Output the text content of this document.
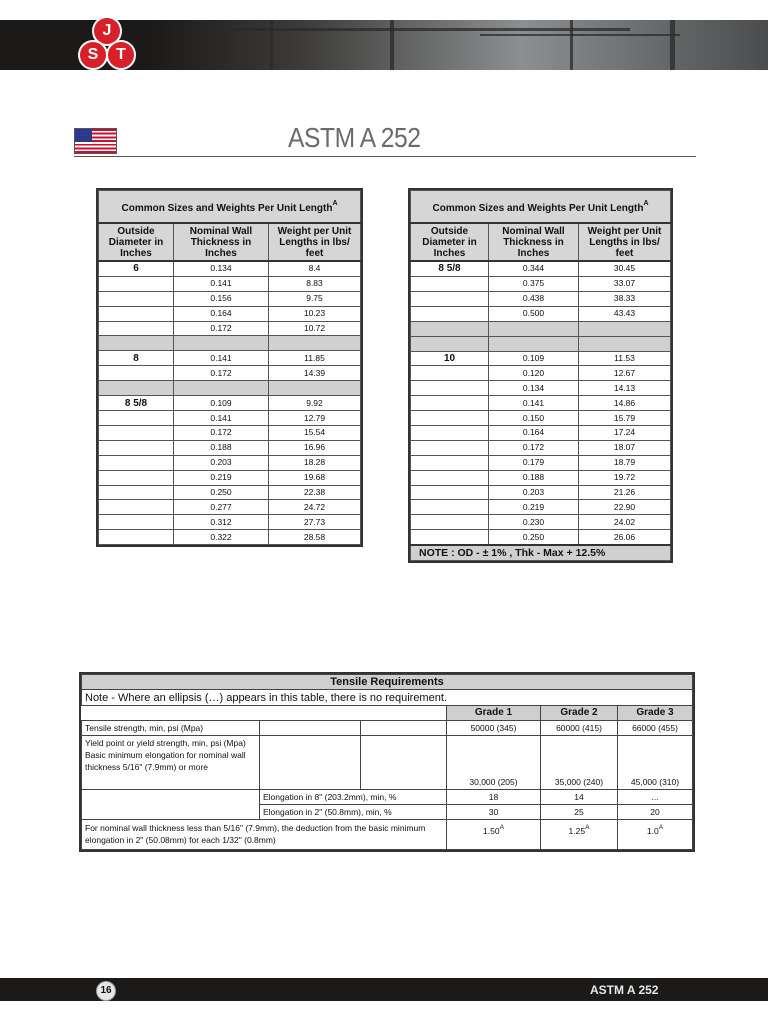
J
S	T
ASTM A 252
Common Sizes and Weights Per Unit Length$^A$
Outside Diameter in Inches	Nominal Wall Thickness in Inches	Weight per Unit Lengths in lbs/ feet
6	0.134	8.4
	0.141	8.83
	0.156	9.75
	0.164	10.23
	0.172	10.72

8	0.141	11.85
	0.172	14.39

8 5/8	0.109	9.92
	0.141	12.79
	0.172	15.54
	0.188	16.96
	0.203	18.28
	0.219	19.68
	0.250	22.38
	0.277	24.72
	0.312	27.73
	0.322	28.58
Common Sizes and Weights Per Unit Length$^A$
Outside Diameter in Inches	Nominal Wall Thickness in Inches	Weight per Unit Lengths in lbs/ feet
8 5/8	0.344	30.45
	0.375	33.07
	0.438	38.33
	0.500	43.43

10	0.109	11.53
	0.120	12.67
	0.134	14.13
	0.141	14.86
	0.150	15.79
	0.164	17.24
	0.172	18.07
	0.179	18.79
	0.188	19.72
	0.203	21.26
	0.219	22.90
	0.230	24.02
	0.250	26.06
NOTE : OD - ± 1% , Thk - Max + 12.5%		
Tensile Requirements					
Note - Where an ellipsis (…) appears in this table, there is no requirement.					
			Grade 1	Grade 2	Grade 3
Tensile strength, min, psi (Mpa)			50000 (345)	60000 (415)	66000 (455)
Yield point or yield strength, min, psi (Mpa) Basic minimum elongation for nominal wall thickness 5/16" (7.9mm) or more			30,000 (205)	35,000 (240)	45,000 (310)
	Elongation in 8" (203.2mm), min, %		18	14	...
	Elongation in 2" (50.8mm), min, %		30	25	20
For nominal wall thickness less than 5/16" (7.9mm), the deduction from the basic minimum elongation in 2" (50.08mm) for each 1/32" (0.8mm)			$1.50^A$	$1.25^A$	$1.0^A$
16	ASTM A 252
